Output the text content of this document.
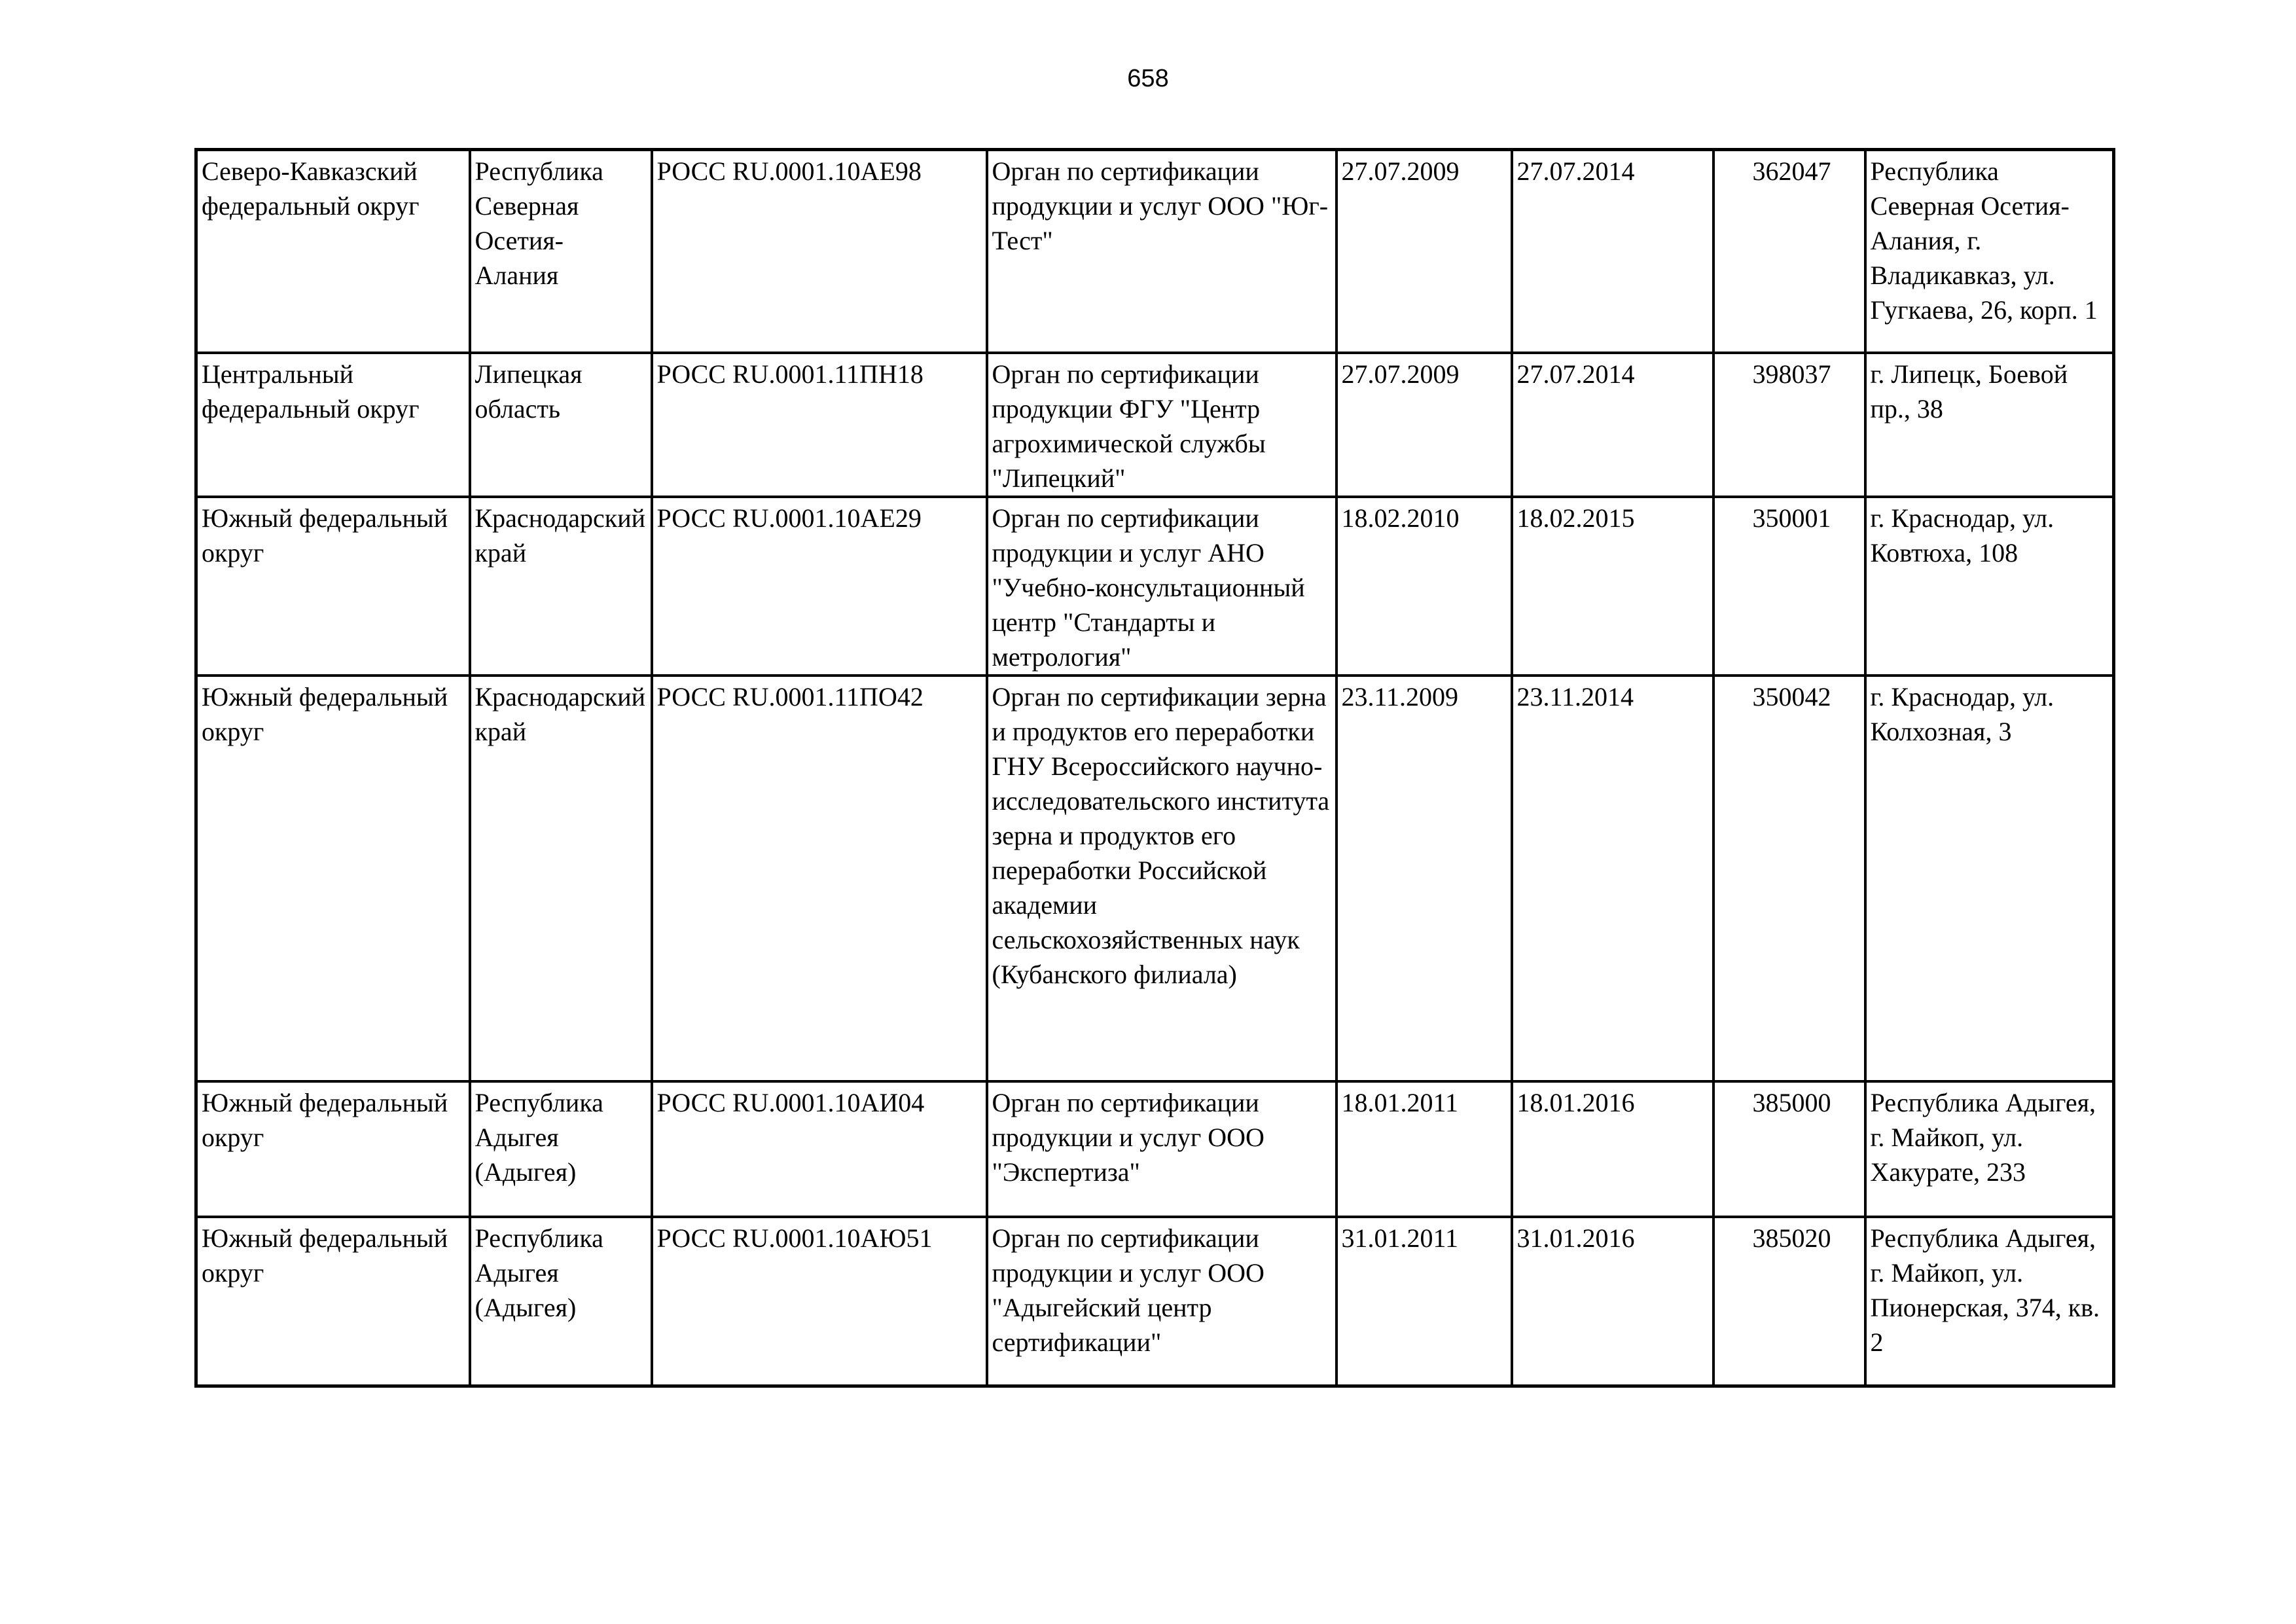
658
Северо-Кавказский федеральный округ	Республика Северная Осетия-Алания	РОСС RU.0001.10АЕ98	Орган по сертификации продукции и услуг ООО "Юг-Тест"	27.07.2009	27.07.2014	362047	Республика Северная Осетия-Алания, г. Владикавказ, ул. Гугкаева, 26, корп. 1
Центральный федеральный округ	Липецкая область	РОСС RU.0001.11ПН18	Орган по сертификации продукции ФГУ "Центр агрохимической службы "Липецкий"	27.07.2009	27.07.2014	398037	г. Липецк, Боевой пр., 38
Южный федеральный округ	Краснодарский край	РОСС RU.0001.10АЕ29	Орган по сертификации продукции и услуг АНО "Учебно-консультационный центр "Стандарты и метрология"	18.02.2010	18.02.2015	350001	г. Краснодар, ул. Ковтюха, 108
Южный федеральный округ	Краснодарский край	РОСС RU.0001.11ПО42	Орган по сертификации зерна и продуктов его переработки ГНУ Всероссийского научно-исследовательского института зерна и продуктов его переработки Российской академии сельскохозяйственных наук (Кубанского филиала)	23.11.2009	23.11.2014	350042	г. Краснодар, ул. Колхозная, 3
Южный федеральный округ	Республика Адыгея (Адыгея)	РОСС RU.0001.10АИ04	Орган по сертификации продукции и услуг ООО "Экспертиза"	18.01.2011	18.01.2016	385000	Республика Адыгея, г. Майкоп, ул. Хакурате, 233
Южный федеральный округ	Республика Адыгея (Адыгея)	РОСС RU.0001.10АЮ51	Орган по сертификации продукции и услуг ООО "Адыгейский центр сертификации"	31.01.2011	31.01.2016	385020	Республика Адыгея, г. Майкоп, ул. Пионерская, 374, кв. 2
